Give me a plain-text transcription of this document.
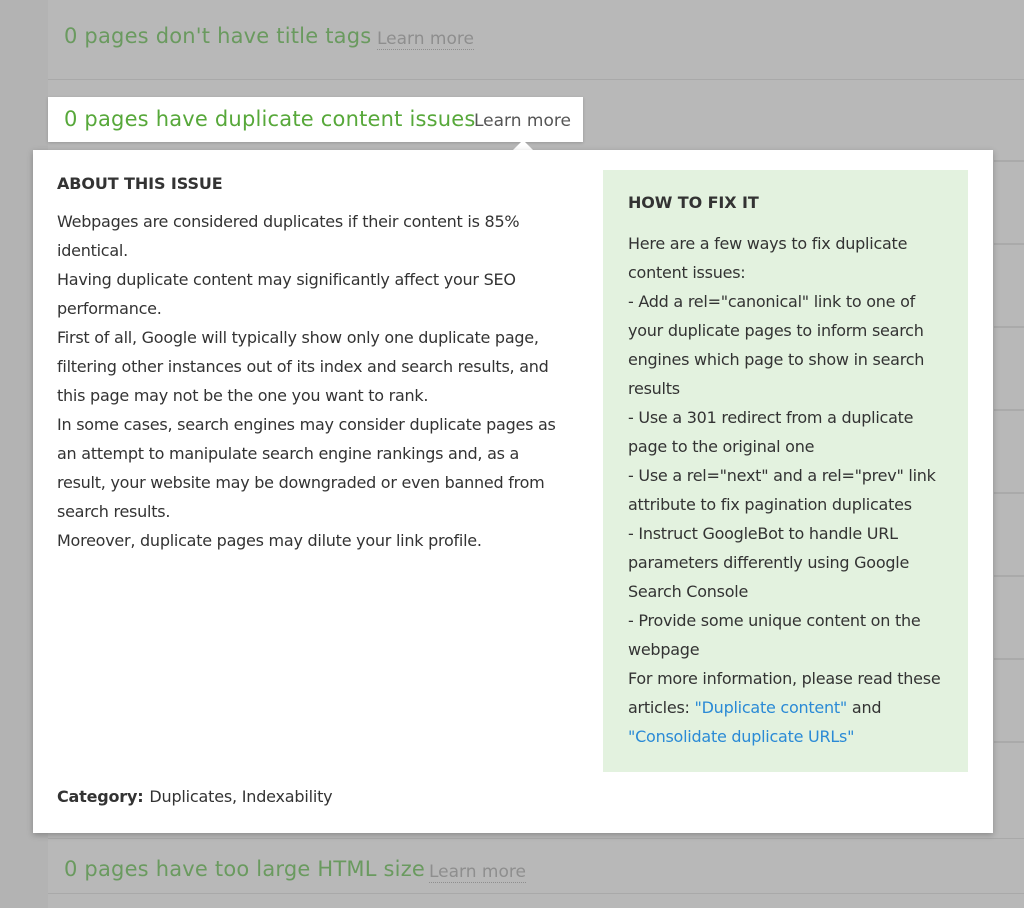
0 pages don't have title tags Learn more
0 pages have too large HTML size Learn more
0 pages have duplicate content issues
Learn more
ABOUT THIS ISSUE

Webpages are considered duplicates if their content is 85% identical.

Having duplicate content may significantly affect your SEO performance.

First of all, Google will typically show only one duplicate page, filtering other instances out of its index and search results, and this page may not be the one you want to rank.

In some cases, search engines may consider duplicate pages as an attempt to manipulate search engine rankings and, as a result, your website may be downgraded or even banned from search results.

Moreover, duplicate pages may dilute your link profile.

HOW TO FIX IT

Here are a few ways to fix duplicate content issues:

- Add a rel="canonical" link to one of your duplicate pages to inform search engines which page to show in search results

- Use a 301 redirect from a duplicate page to the original one

- Use a rel="next" and a rel="prev" link attribute to fix pagination duplicates

- Instruct GoogleBot to handle URL parameters differently using Google Search Console

- Provide some unique content on the webpage

For more information, please read these articles: "Duplicate content" and "Consolidate duplicate URLs"

Category: Duplicates, Indexability
